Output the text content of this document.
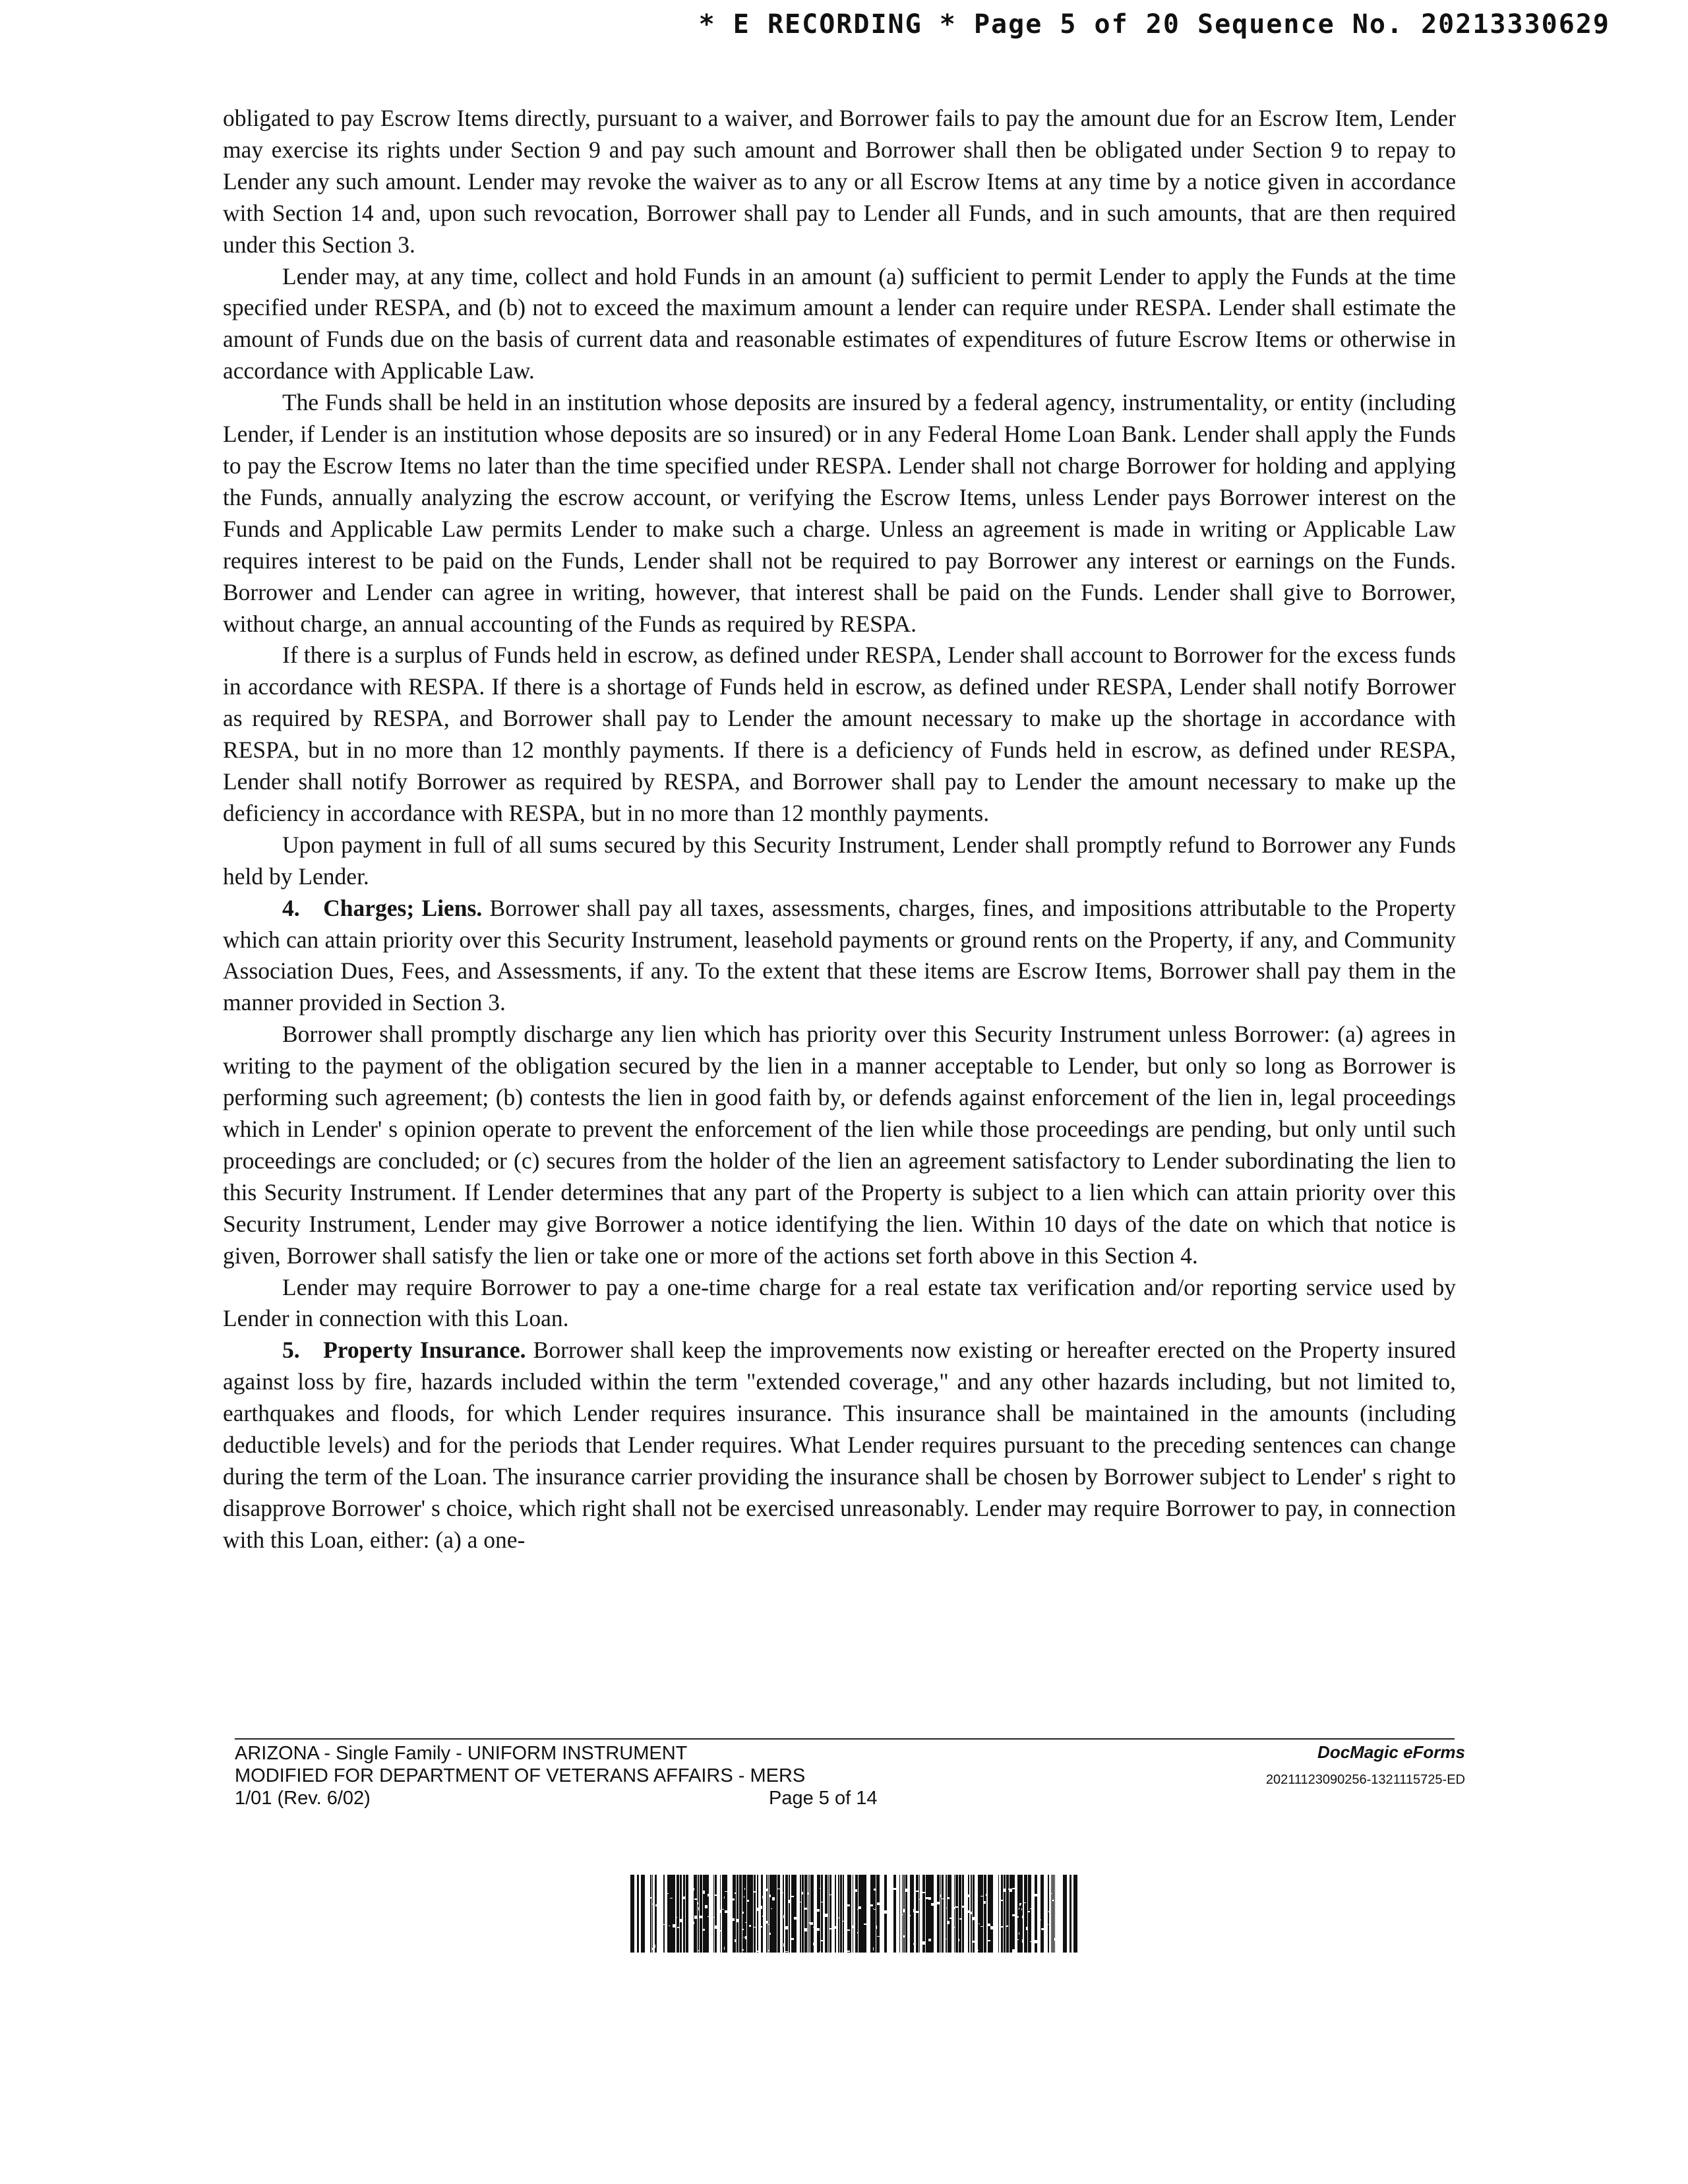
* E RECORDING * Page 5 of 20 Sequence No. 20213330629

obligated to pay Escrow Items directly, pursuant to a waiver, and Borrower fails to pay the amount due for an Escrow Item, Lender may exercise its rights under Section 9 and pay such amount and Borrower shall then be obligated under Section 9 to repay to Lender any such amount. Lender may revoke the waiver as to any or all Escrow Items at any time by a notice given in accordance with Section 14 and, upon such revocation, Borrower shall pay to Lender all Funds, and in such amounts, that are then required under this Section 3.

Lender may, at any time, collect and hold Funds in an amount (a) sufficient to permit Lender to apply the Funds at the time specified under RESPA, and (b) not to exceed the maximum amount a lender can require under RESPA. Lender shall estimate the amount of Funds due on the basis of current data and reasonable estimates of expenditures of future Escrow Items or otherwise in accordance with Applicable Law.

The Funds shall be held in an institution whose deposits are insured by a federal agency, instrumentality, or entity (including Lender, if Lender is an institution whose deposits are so insured) or in any Federal Home Loan Bank. Lender shall apply the Funds to pay the Escrow Items no later than the time specified under RESPA. Lender shall not charge Borrower for holding and applying the Funds, annually analyzing the escrow account, or verifying the Escrow Items, unless Lender pays Borrower interest on the Funds and Applicable Law permits Lender to make such a charge. Unless an agreement is made in writing or Applicable Law requires interest to be paid on the Funds, Lender shall not be required to pay Borrower any interest or earnings on the Funds. Borrower and Lender can agree in writing, however, that interest shall be paid on the Funds. Lender shall give to Borrower, without charge, an annual accounting of the Funds as required by RESPA.

If there is a surplus of Funds held in escrow, as defined under RESPA, Lender shall account to Borrower for the excess funds in accordance with RESPA. If there is a shortage of Funds held in escrow, as defined under RESPA, Lender shall notify Borrower as required by RESPA, and Borrower shall pay to Lender the amount necessary to make up the shortage in accordance with RESPA, but in no more than 12 monthly payments. If there is a deficiency of Funds held in escrow, as defined under RESPA, Lender shall notify Borrower as required by RESPA, and Borrower shall pay to Lender the amount necessary to make up the deficiency in accordance with RESPA, but in no more than 12 monthly payments.

Upon payment in full of all sums secured by this Security Instrument, Lender shall promptly refund to Borrower any Funds held by Lender.

4.  Charges; Liens. Borrower shall pay all taxes, assessments, charges, fines, and impositions attributable to the Property which can attain priority over this Security Instrument, leasehold payments or ground rents on the Property, if any, and Community Association Dues, Fees, and Assessments, if any. To the extent that these items are Escrow Items, Borrower shall pay them in the manner provided in Section 3.

Borrower shall promptly discharge any lien which has priority over this Security Instrument unless Borrower: (a) agrees in writing to the payment of the obligation secured by the lien in a manner acceptable to Lender, but only so long as Borrower is performing such agreement; (b) contests the lien in good faith by, or defends against enforcement of the lien in, legal proceedings which in Lender' s opinion operate to prevent the enforcement of the lien while those proceedings are pending, but only until such proceedings are concluded; or (c) secures from the holder of the lien an agreement satisfactory to Lender subordinating the lien to this Security Instrument. If Lender determines that any part of the Property is subject to a lien which can attain priority over this Security Instrument, Lender may give Borrower a notice identifying the lien. Within 10 days of the date on which that notice is given, Borrower shall satisfy the lien or take one or more of the actions set forth above in this Section 4.

Lender may require Borrower to pay a one-time charge for a real estate tax verification and/or reporting service used by Lender in connection with this Loan.

5.  Property Insurance. Borrower shall keep the improvements now existing or hereafter erected on the Property insured against loss by fire, hazards included within the term "extended coverage," and any other hazards including, but not limited to, earthquakes and floods, for which Lender requires insurance. This insurance shall be maintained in the amounts (including deductible levels) and for the periods that Lender requires. What Lender requires pursuant to the preceding sentences can change during the term of the Loan. The insurance carrier providing the insurance shall be chosen by Borrower subject to Lender' s right to disapprove Borrower' s choice, which right shall not be exercised unreasonably. Lender may require Borrower to pay, in connection with this Loan, either: (a) a one-

ARIZONA - Single Family - UNIFORM INSTRUMENT
MODIFIED FOR DEPARTMENT OF VETERANS AFFAIRS - MERS
1/01 (Rev. 6/02)	Page 5 of 14
DocMagic eForms
20211123090256-1321115725-ED
